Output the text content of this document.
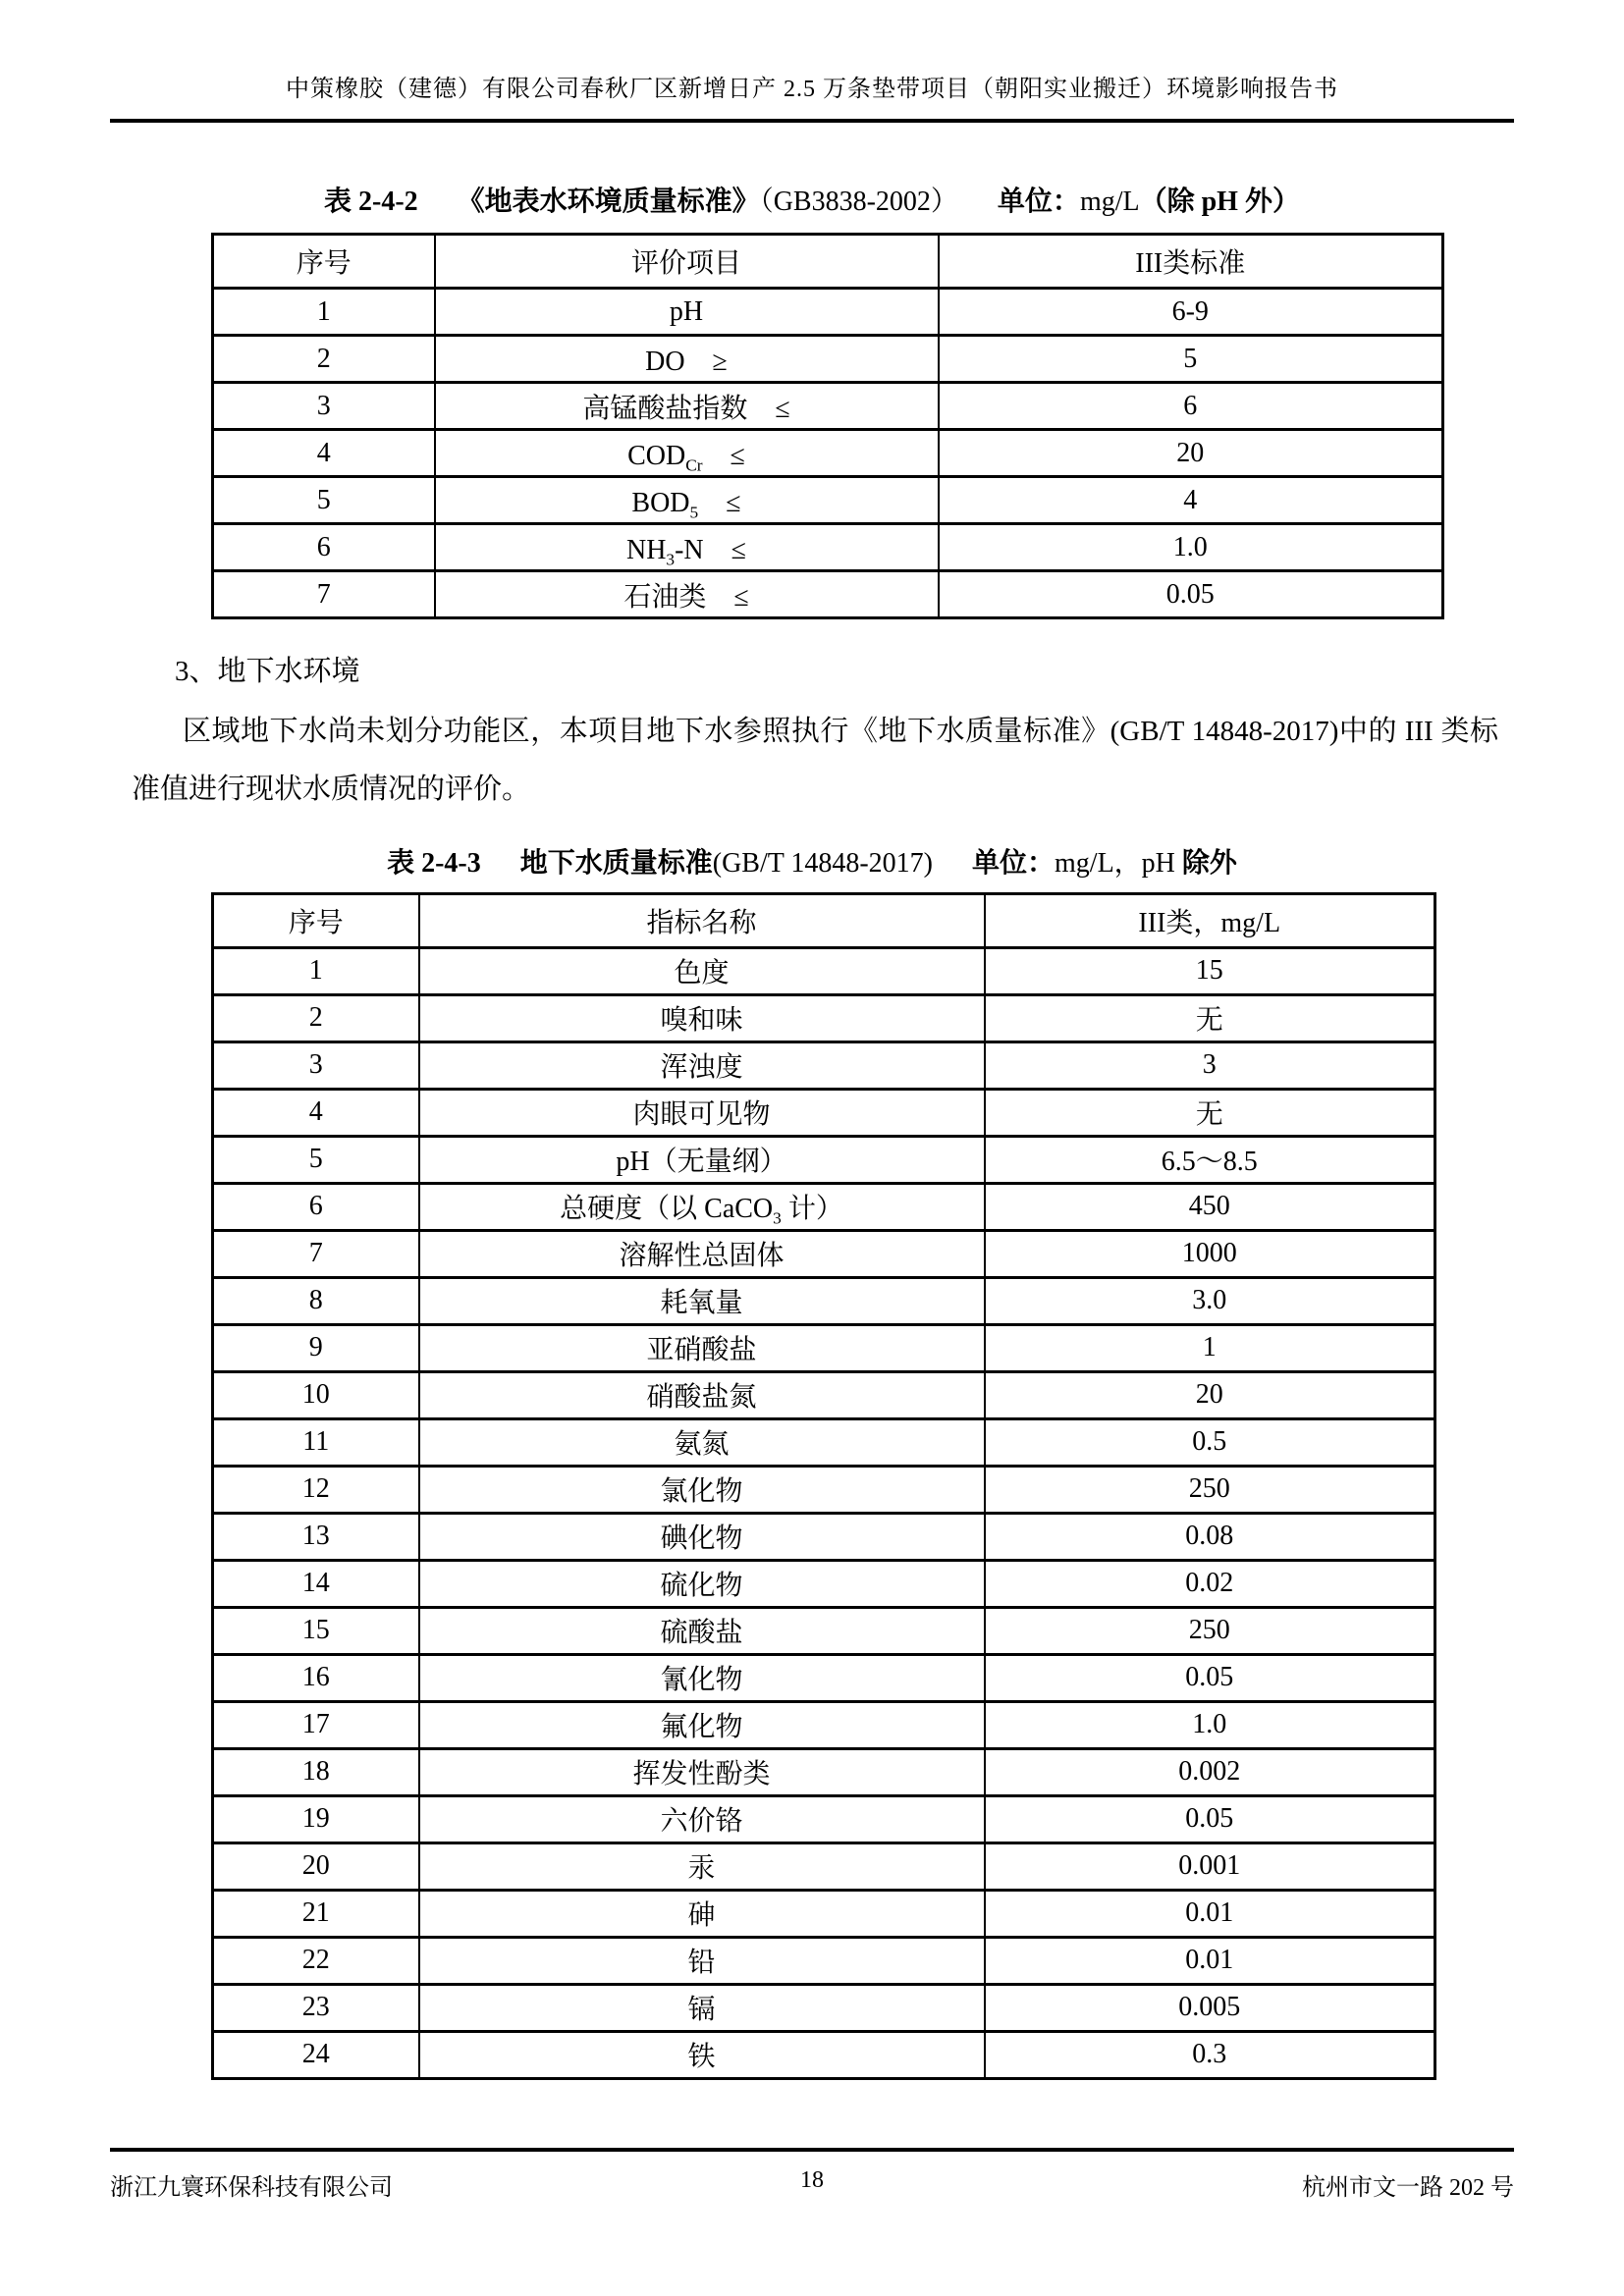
中策橡胶（建德）有限公司春秋厂区新增日产 2.5 万条垫带项目（朝阳实业搬迁）环境影响报告书
表 2-4-2 《地表水环境质量标准》（GB3838-2002） 单位：mg/L（除 pH 外）
序号	评价项目	III类标准
1	pH	6-9
2	DO　≥	5
3	高锰酸盐指数　≤	6
4	$COD_{Cr}$　≤	20
5	$BOD_5$　≤	4
6	$NH_3-N$　≤	1.0
7	石油类　≤	0.05
3、地下水环境

区域地下水尚未划分功能区，本项目地下水参照执行《地下水质量标准》(GB/T 14848-2017)中的 III 类标准值进行现状水质情况的评价。

表 2-4-3 地下水质量标准(GB/T 14848-2017) 单位：mg/L，pH 除外
序号	指标名称	III类，mg/L
1	色度	15
2	嗅和味	无
3	浑浊度	3
4	肉眼可见物	无
5	pH（无量纲）	6.5～8.5
6	总硬度（以 CaCO$_3$ 计）	450
7	溶解性总固体	1000
8	耗氧量	3.0
9	亚硝酸盐	1
10	硝酸盐氮	20
11	氨氮	0.5
12	氯化物	250
13	碘化物	0.08
14	硫化物	0.02
15	硫酸盐	250
16	氰化物	0.05
17	氟化物	1.0
18	挥发性酚类	0.002
19	六价铬	0.05
20	汞	0.001
21	砷	0.01
22	铅	0.01
23	镉	0.005
24	铁	0.3
浙江九寰环保科技有限公司	18	杭州市文一路 202 号
